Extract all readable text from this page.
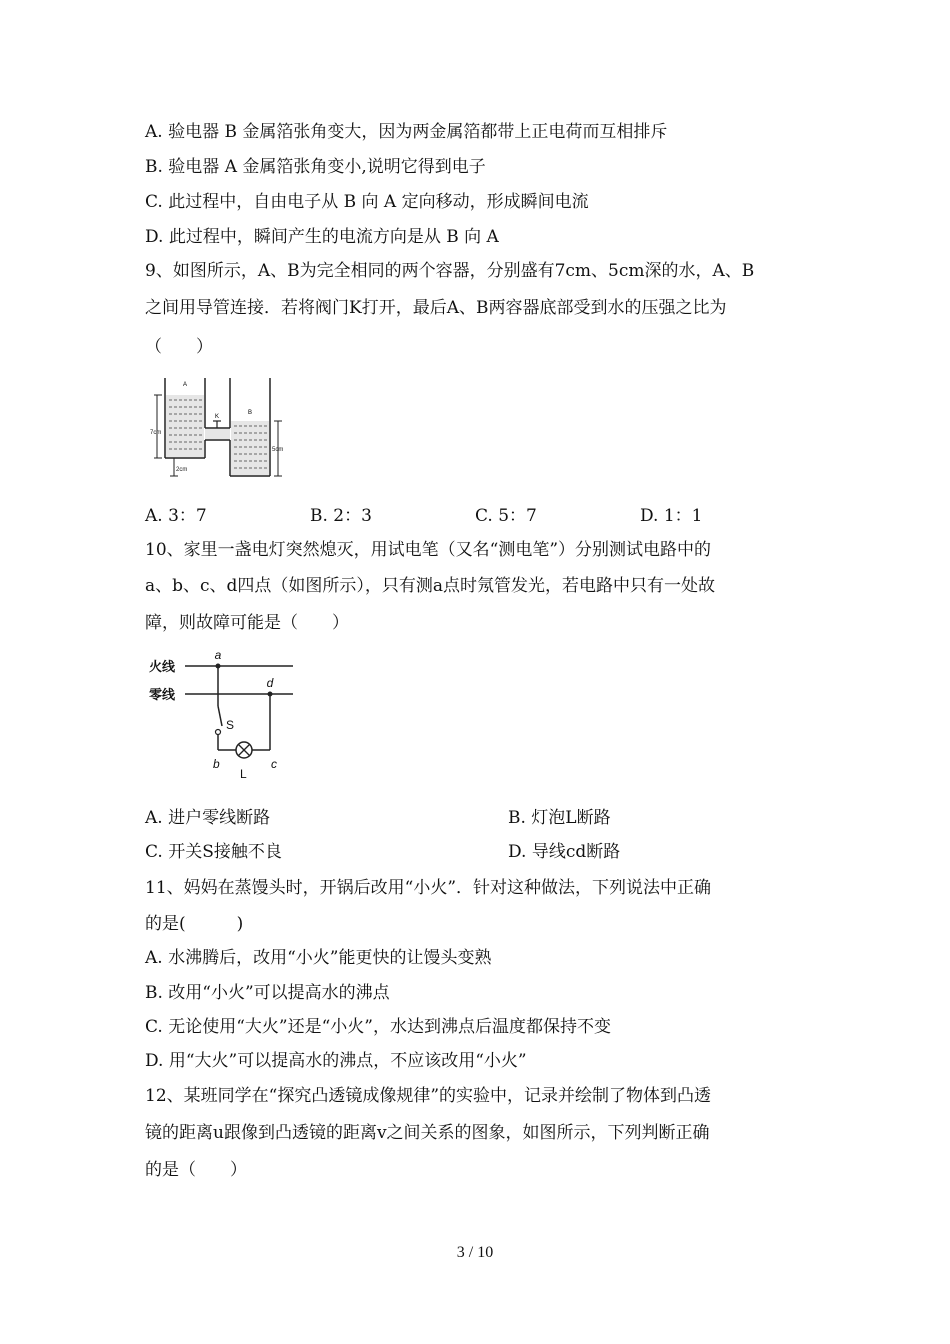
A. 验电器 B 金属箔张角变大，因为两金属箔都带上正电荷而互相排斥
B. 验电器 A 金属箔张角变小,说明它得到电子
C. 此过程中，自由电子从 B 向 A 定向移动，形成瞬间电流
D. 此过程中，瞬间产生的电流方向是从 B 向 A
9、如图所示，A、B为完全相同的两个容器，分别盛有7cm、5cm深的水，A、B
之间用导管连接．若将阀门K打开，最后A、B两容器底部受到水的压强之比为
（　　）
A
K
B
7cm
5cm
2cm
A. 3：7	B. 2：3	C. 5：7	D. 1：1
10、家里一盏电灯突然熄灭，用试电笔（又名“测电笔”）分别测试电路中的
a、b、c、d四点（如图所示），只有测a点时氖管发光，若电路中只有一处故
障，则故障可能是（　　）
火线
零线
a
d
S
b
L
c
A. 进户零线断路	B. 灯泡L断路
C. 开关S接触不良	D. 导线cd断路
11、妈妈在蒸馒头时，开锅后改用“小火”．针对这种做法，下列说法中正确
的是(　　　)
A. 水沸腾后，改用“小火”能更快的让馒头变熟
B. 改用“小火”可以提高水的沸点
C. 无论使用“大火”还是“小火”，水达到沸点后温度都保持不变
D. 用“大火”可以提高水的沸点，不应该改用“小火”
12、某班同学在“探究凸透镜成像规律”的实验中，记录并绘制了物体到凸透
镜的距离u跟像到凸透镜的距离v之间关系的图象，如图所示，下列判断正确
的是（　　）
3 / 10
